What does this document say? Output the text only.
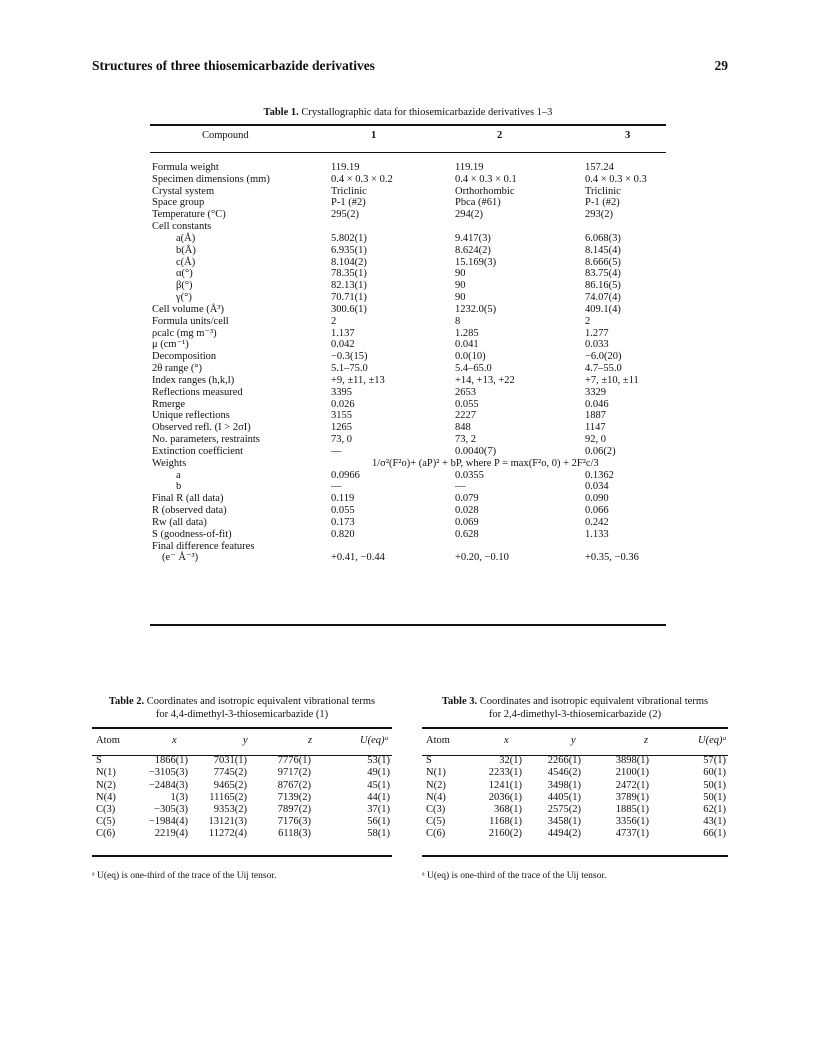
Structures of three thiosemicarbazide derivatives	29
Table 1. Crystallographic data for thiosemicarbazide derivatives 1–3
Compound	1	2	3
Formula weight	119.19	119.19	157.24
Specimen dimensions (mm)	0.4 × 0.3 × 0.2	0.4 × 0.3 × 0.1	0.4 × 0.3 × 0.3
Crystal system	Triclinic	Orthorhombic	Triclinic
Space group	P-1 (#2)	Pbca (#61)	P-1 (#2)
Temperature (°C)	295(2)	294(2)	293(2)
Cell constants
a(Å)	5.802(1)	9.417(3)	6.068(3)
b(Å)	6.935(1)	8.624(2)	8.145(4)
c(Å)	8.104(2)	15.169(3)	8.666(5)
α(°)	78.35(1)	90	83.75(4)
β(°)	82.13(1)	90	86.16(5)
γ(°)	70.71(1)	90	74.07(4)
Cell volume (Å³)	300.6(1)	1232.0(5)	409.1(4)
Formula units/cell	2	8	2
ρcalc (mg m⁻³)	1.137	1.285	1.277
μ (cm⁻¹)	0.042	0.041	0.033
Decomposition	−0.3(15)	0.0(10)	−6.0(20)
2θ range (°)	5.1–75.0	5.4–65.0	4.7–55.0
Index ranges (h,k,l)	+9, ±11, ±13	+14, +13, +22	+7, ±10, ±11
Reflections measured	3395	2653	3329
Rmerge	0.026	0.055	0.046
Unique reflections	3155	2227	1887
Observed refl. (I > 2σI)	1265	848	1147
No. parameters, restraints	73, 0	73, 2	92, 0
Extinction coefficient	—	0.0040(7)	0.06(2)
Weights	1/σ²(F²o)+ (aP)² + bP, where P = max(F²o, 0) + 2F²c/3
a	0.0966	0.0355	0.1362
b	—	—	0.034
Final R (all data)	0.119	0.079	0.090
R (observed data)	0.055	0.028	0.066
Rw (all data)	0.173	0.069	0.242
S (goodness-of-fit)	0.820	0.628	1.133
Final difference features
(e⁻ Å⁻³)	+0.41, −0.44	+0.20, −0.10	+0.35, −0.36
Table 2. Coordinates and isotropic equivalent vibrational terms
for 4,4-dimethyl-3-thiosemicarbazide (1)
Atom	x	y	z	U(eq)ᵃ
S	1866(1) 7031(1)	7776(1)	53(1)
N(1)	−3105(3) 7745(2)	9717(2)	49(1)
N(2)	−2484(3) 9465(2)	8767(2)	45(1)
N(4)	1(3) 11165(2)	7139(2)	44(1)
C(3)	−305(3) 9353(2)	7897(2)	37(1)
C(5)	−1984(4) 13121(3)	7176(3)	56(1)
C(6)	2219(4) 11272(4)	6118(3)	58(1)
ᵃ U(eq) is one-third of the trace of the Uij tensor.
Table 3. Coordinates and isotropic equivalent vibrational terms
for 2,4-dimethyl-3-thiosemicarbazide (2)
Atom	x	y	z	U(eq)ᵃ
S	32(1) 2266(1)	3898(1)	57(1)
N(1)	2233(1) 4546(2)	2100(1)	60(1)
N(2)	1241(1) 3498(1)	2472(1)	50(1)
N(4)	2036(1) 4405(1)	3789(1)	50(1)
C(3)	368(1) 2575(2)	1885(1)	62(1)
C(5)	1168(1) 3458(1)	3356(1)	43(1)
C(6)	2160(2) 4494(2)	4737(1)	66(1)
ᵃ U(eq) is one-third of the trace of the Uij tensor.
